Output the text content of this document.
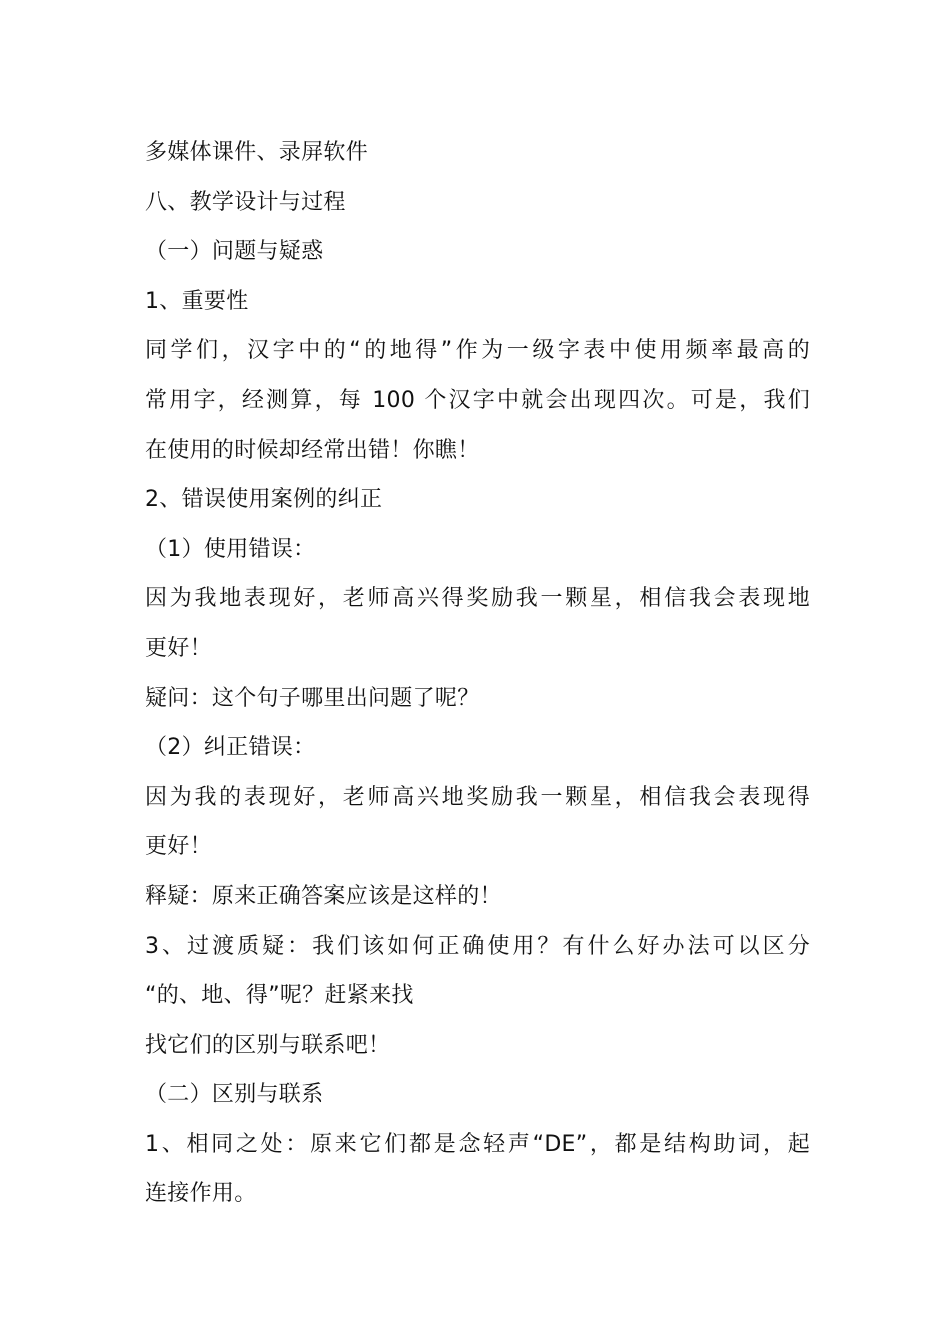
多媒体课件、录屏软件
八、教学设计与过程
（一）问题与疑惑
1、重要性
同学们，汉字中的“的地得”作为一级字表中使用频率最高的
常用字，经测算，每 100 个汉字中就会出现四次。可是，我们
在使用的时候却经常出错！你瞧！
2、错误使用案例的纠正
（1）使用错误：
因为我地表现好，老师高兴得奖励我一颗星，相信我会表现地
更好！
疑问：这个句子哪里出问题了呢？
（2）纠正错误：
因为我的表现好，老师高兴地奖励我一颗星，相信我会表现得
更好！
释疑：原来正确答案应该是这样的！
3、过渡质疑：我们该如何正确使用？有什么好办法可以区分
“的、地、得”呢？赶紧来找
找它们的区别与联系吧！
（二）区别与联系
1、相同之处：原来它们都是念轻声“DE”，都是结构助词，起
连接作用。
